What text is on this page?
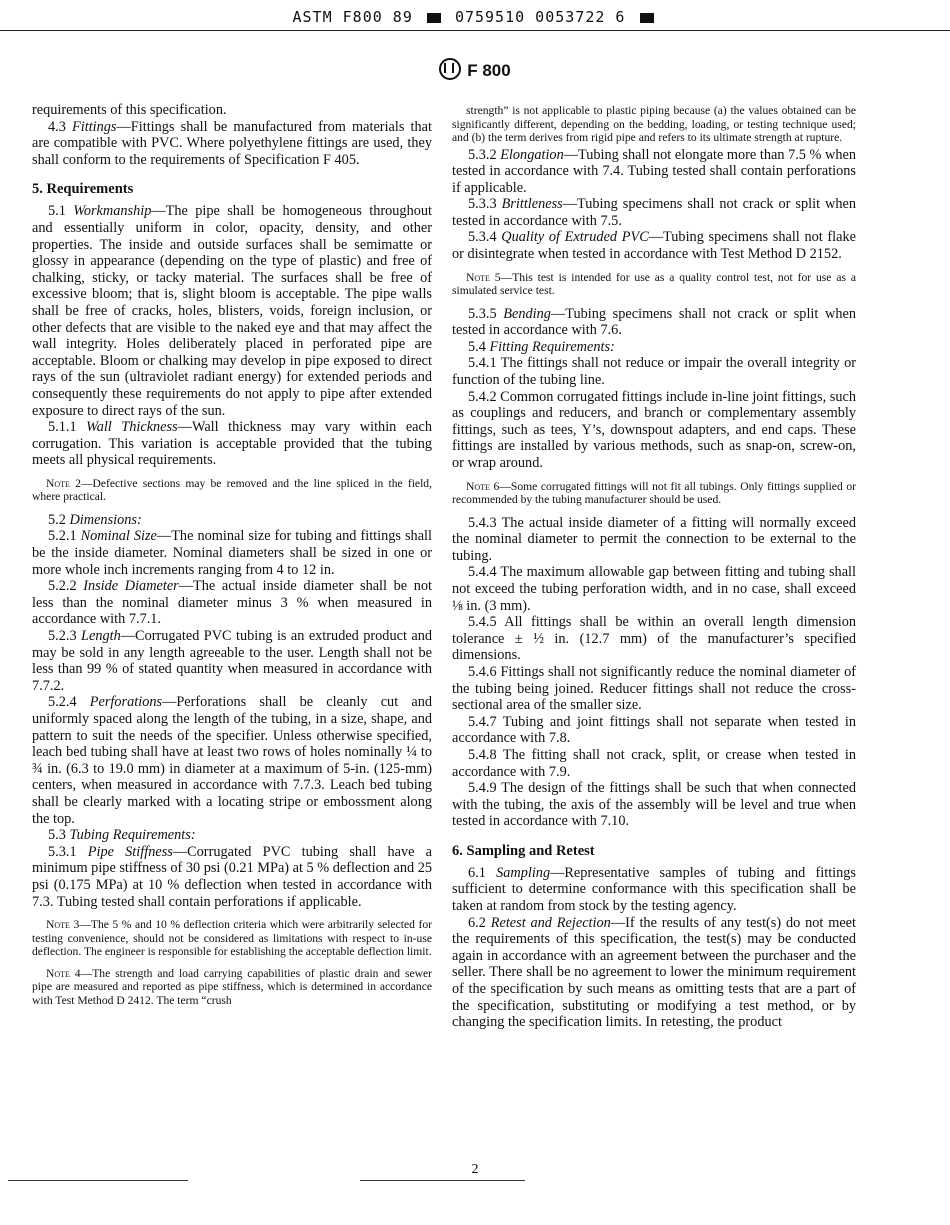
ASTM F800 89	0759510 0053722 6
F 800

requirements of this specification.

4.3 Fittings—Fittings shall be manufactured from materials that are compatible with PVC. Where polyethylene fittings are used, they shall conform to the requirements of Specification F 405.

5. Requirements

5.1 Workmanship—The pipe shall be homogeneous throughout and essentially uniform in color, opacity, density, and other properties. The inside and outside surfaces shall be semimatte or glossy in appearance (depending on the type of plastic) and free of chalking, sticky, or tacky material. The surfaces shall be free of excessive bloom; that is, slight bloom is acceptable. The pipe walls shall be free of cracks, holes, blisters, voids, foreign inclusion, or other defects that are visible to the naked eye and that may affect the wall integrity. Holes deliberately placed in perforated pipe are acceptable. Bloom or chalking may develop in pipe exposed to direct rays of the sun (ultraviolet radiant energy) for extended periods and consequently these requirements do not apply to pipe after extended exposure to direct rays of the sun.

5.1.1 Wall Thickness—Wall thickness may vary within each corrugation. This variation is acceptable provided that the tubing meets all physical requirements.

Note 2—Defective sections may be removed and the line spliced in the field, where practical.

5.2 Dimensions:

5.2.1 Nominal Size—The nominal size for tubing and fittings shall be the inside diameter. Nominal diameters shall be sized in one or more whole inch increments ranging from 4 to 12 in.

5.2.2 Inside Diameter—The actual inside diameter shall be not less than the nominal diameter minus 3 % when measured in accordance with 7.7.1.

5.2.3 Length—Corrugated PVC tubing is an extruded product and may be sold in any length agreeable to the user. Length shall not be less than 99 % of stated quantity when measured in accordance with 7.7.2.

5.2.4 Perforations—Perforations shall be cleanly cut and uniformly spaced along the length of the tubing, in a size, shape, and pattern to suit the needs of the specifier. Unless otherwise specified, leach bed tubing shall have at least two rows of holes nominally ¼ to ¾ in. (6.3 to 19.0 mm) in diameter at a maximum of 5-in. (125-mm) centers, when measured in accordance with 7.7.3. Leach bed tubing shall be clearly marked with a locating stripe or embossment along the top.

5.3 Tubing Requirements:

5.3.1 Pipe Stiffness—Corrugated PVC tubing shall have a minimum pipe stiffness of 30 psi (0.21 MPa) at 5 % deflection and 25 psi (0.175 MPa) at 10 % deflection when tested in accordance with 7.3. Tubing tested shall contain perforations if applicable.

Note 3—The 5 % and 10 % deflection criteria which were arbitrarily selected for testing convenience, should not be considered as limitations with respect to in-use deflection. The engineer is responsible for establishing the acceptable deflection limit.

Note 4—The strength and load carrying capabilities of plastic drain and sewer pipe are measured and reported as pipe stiffness, which is determined in accordance with Test Method D 2412. The term “crush

strength” is not applicable to plastic piping because (a) the values obtained can be significantly different, depending on the bedding, loading, or testing technique used; and (b) the term derives from rigid pipe and refers to its ultimate strength at rupture.

5.3.2 Elongation—Tubing shall not elongate more than 7.5 % when tested in accordance with 7.4. Tubing tested shall contain perforations if applicable.

5.3.3 Brittleness—Tubing specimens shall not crack or split when tested in accordance with 7.5.

5.3.4 Quality of Extruded PVC—Tubing specimens shall not flake or disintegrate when tested in accordance with Test Method D 2152.

Note 5—This test is intended for use as a quality control test, not for use as a simulated service test.

5.3.5 Bending—Tubing specimens shall not crack or split when tested in accordance with 7.6.

5.4 Fitting Requirements:

5.4.1 The fittings shall not reduce or impair the overall integrity or function of the tubing line.

5.4.2 Common corrugated fittings include in-line joint fittings, such as couplings and reducers, and branch or complementary assembly fittings, such as tees, Y’s, downspout adapters, and end caps. These fittings are installed by various methods, such as snap-on, screw-on, or wrap around.

Note 6—Some corrugated fittings will not fit all tubings. Only fittings supplied or recommended by the tubing manufacturer should be used.

5.4.3 The actual inside diameter of a fitting will normally exceed the nominal diameter to permit the connection to be external to the tubing.

5.4.4 The maximum allowable gap between fitting and tubing shall not exceed the tubing perforation width, and in no case, shall exceed ⅛ in. (3 mm).

5.4.5 All fittings shall be within an overall length dimension tolerance ± ½ in. (12.7 mm) of the manufacturer’s specified dimensions.

5.4.6 Fittings shall not significantly reduce the nominal diameter of the tubing being joined. Reducer fittings shall not reduce the cross-sectional area of the smaller size.

5.4.7 Tubing and joint fittings shall not separate when tested in accordance with 7.8.

5.4.8 The fitting shall not crack, split, or crease when tested in accordance with 7.9.

5.4.9 The design of the fittings shall be such that when connected with the tubing, the axis of the assembly will be level and true when tested in accordance with 7.10.

6. Sampling and Retest

6.1 Sampling—Representative samples of tubing and fittings sufficient to determine conformance with this specification shall be taken at random from stock by the testing agency.

6.2 Retest and Rejection—If the results of any test(s) do not meet the requirements of this specification, the test(s) may be conducted again in accordance with an agreement between the purchaser and the seller. There shall be no agreement to lower the minimum requirement of the specification by such means as omitting tests that are a part of the specification, substituting or modifying a test method, or by changing the specification limits. In retesting, the product

2
